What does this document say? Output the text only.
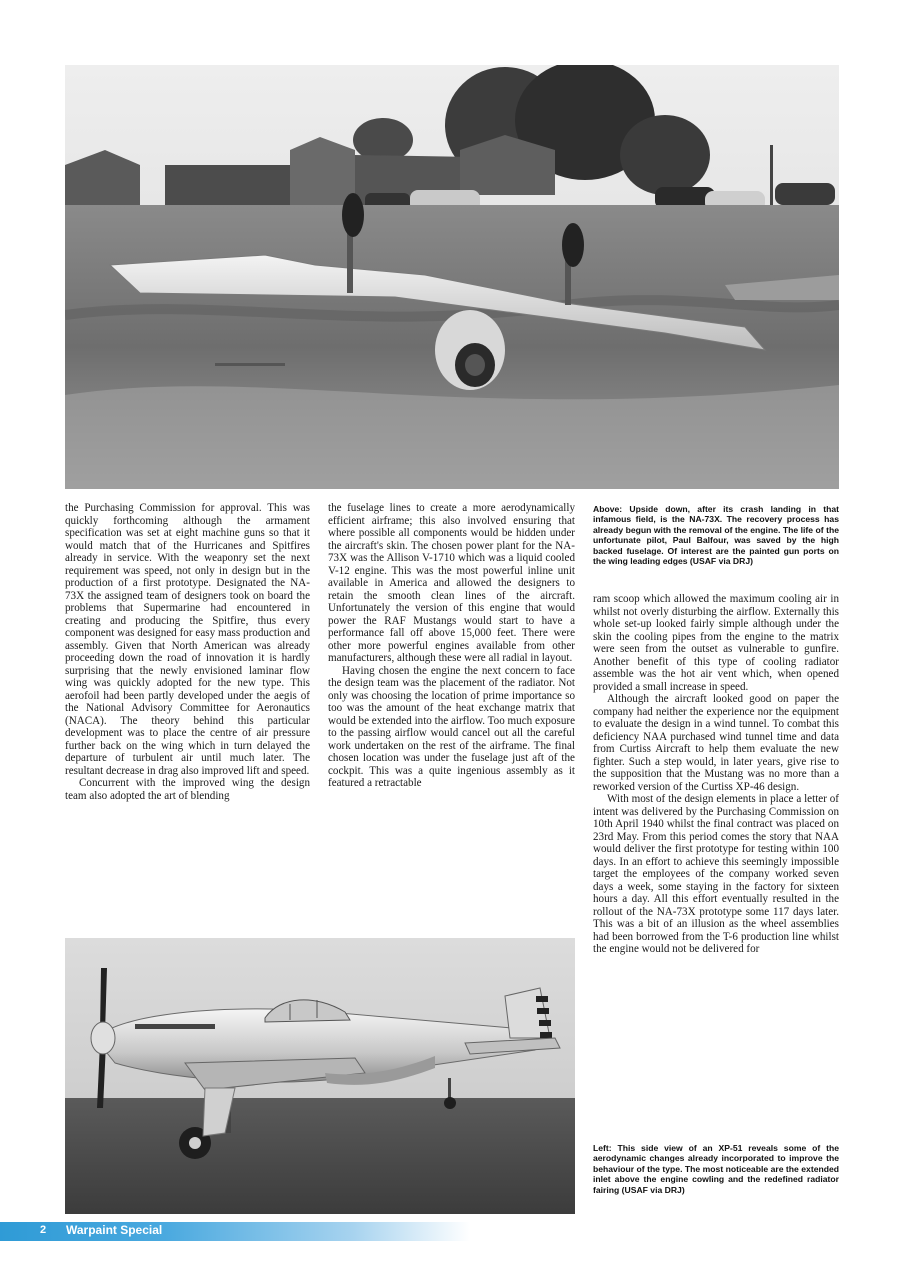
the Purchasing Commission for approval. This was quickly forthcoming although the armament specification was set at eight machine guns so that it would match that of the Hurricanes and Spitfires already in service. With the weaponry set the next requirement was speed, not only in design but in the production of a first prototype. Designated the NA-73X the assigned team of designers took on board the problems that Supermarine had encountered in creating and producing the Spitfire, thus every component was designed for easy mass production and assembly. Given that North American was already proceeding down the road of innovation it is hardly surprising that the newly envisioned laminar flow wing was quickly adopted for the new type. This aerofoil had been partly developed under the aegis of the National Advisory Committee for Aeronautics (NACA). The theory behind this particular development was to place the centre of air pressure further back on the wing which in turn delayed the departure of turbulent air until much later. The resultant decrease in drag also improved lift and speed.

Concurrent with the improved wing the design team also adopted the art of blending

the fuselage lines to create a more aerodynamically efficient airframe; this also involved ensuring that where possible all components would be hidden under the aircraft's skin. The chosen power plant for the NA-73X was the Allison V-1710 which was a liquid cooled V-12 engine. This was the most powerful inline unit available in America and allowed the designers to retain the smooth clean lines of the aircraft. Unfortunately the version of this engine that would power the RAF Mustangs would start to have a performance fall off above 15,000 feet. There were other more powerful engines available from other manufacturers, although these were all radial in layout.

Having chosen the engine the next concern to face the design team was the placement of the radiator. Not only was choosing the location of prime importance so too was the amount of the heat exchange matrix that would be extended into the airflow. Too much exposure to the passing airflow would cancel out all the careful work undertaken on the rest of the airframe. The final chosen location was under the fuselage just aft of the cockpit. This was a quite ingenious assembly as it featured a retractable

Above: Upside down, after its crash landing in that infamous field, is the NA-73X. The recovery process has already begun with the removal of the engine. The life of the unfortunate pilot, Paul Balfour, was saved by the high backed fuselage. Of interest are the painted gun ports on the wing leading edges (USAF via DRJ)

ram scoop which allowed the maximum cooling air in whilst not overly disturbing the airflow. Externally this whole set-up looked fairly simple although under the skin the cooling pipes from the engine to the matrix were seen from the outset as vulnerable to gunfire. Another benefit of this type of cooling radiator assemble was the hot air vent which, when opened provided a small increase in speed.

Although the aircraft looked good on paper the company had neither the experience nor the equipment to evaluate the design in a wind tunnel. To combat this deficiency NAA purchased wind tunnel time and data from Curtiss Aircraft to help them evaluate the new fighter. Such a step would, in later years, give rise to the supposition that the Mustang was no more than a reworked version of the Curtiss XP-46 design.

With most of the design elements in place a letter of intent was delivered by the Purchasing Commission on 10th April 1940 whilst the final contract was placed on 23rd May. From this period comes the story that NAA would deliver the first prototype for testing within 100 days. In an effort to achieve this seemingly impossible target the employees of the company worked seven days a week, some staying in the factory for sixteen hours a day. All this effort eventually resulted in the rollout of the NA-73X prototype some 117 days later. This was a bit of an illusion as the wheel assemblies had been borrowed from the T-6 production line whilst the engine would not be delivered for

Left: This side view of an XP-51 reveals some of the aerodynamic changes already incorporated to improve the behaviour of the type. The most noticeable are the extended inlet above the engine cowling and the redefined radiator fairing (USAF via DRJ)
2 Warpaint Special
